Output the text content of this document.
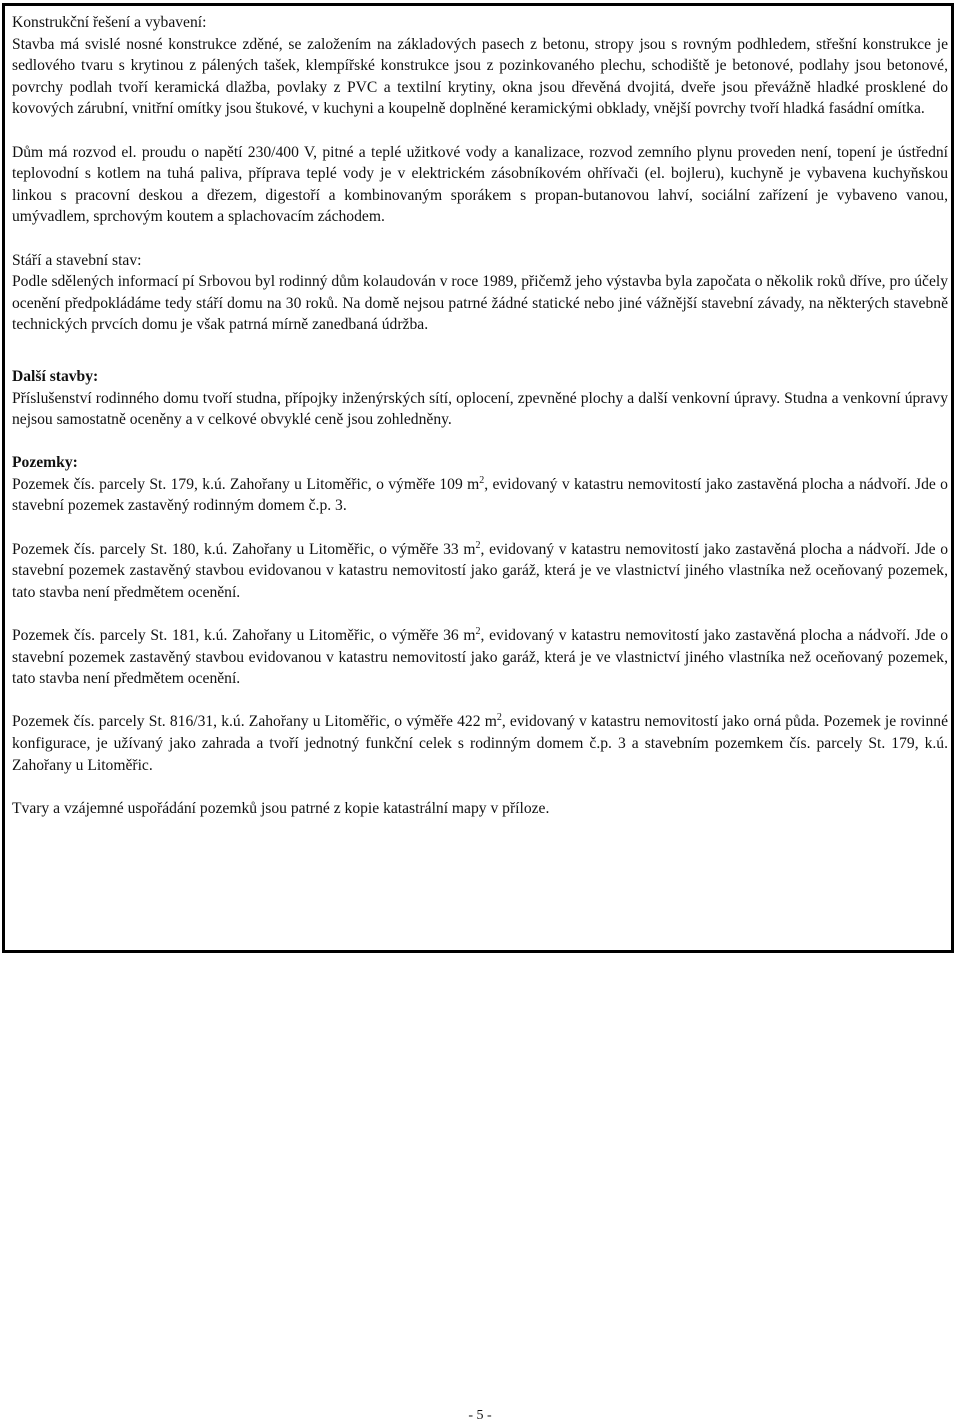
Konstrukční řešení a vybavení:

Stavba má svislé nosné konstrukce zděné, se založením na základových pasech z betonu, stropy jsou s rovným podhledem, střešní konstrukce je sedlového tvaru s krytinou z pálených tašek, klempířské konstrukce jsou z pozinkovaného plechu, schodiště je betonové, podlahy jsou betonové, povrchy podlah tvoří keramická dlažba, povlaky z PVC a textilní krytiny, okna jsou dřevěná dvojitá, dveře jsou převážně hladké prosklené do kovových zárubní, vnitřní omítky jsou štukové, v kuchyni a koupelně doplněné keramickými obklady, vnější povrchy tvoří hladká fasádní omítka.

Dům má rozvod el. proudu o napětí 230/400 V, pitné a teplé užitkové vody a kanalizace, rozvod zemního plynu proveden není, topení je ústřední teplovodní s kotlem na tuhá paliva, příprava teplé vody je v elektrickém zásobníkovém ohřívači (el. bojleru), kuchyně je vybavena kuchyňskou linkou s pracovní deskou a dřezem, digestoří a kombinovaným sporákem s propan-butanovou lahví, sociální zařízení je vybaveno vanou, umývadlem, sprchovým koutem a splachovacím záchodem.

Stáří a stavební stav:

Podle sdělených informací pí Srbovou byl rodinný dům kolaudován v roce 1989, přičemž jeho výstavba byla započata o několik roků dříve, pro účely ocenění předpokládáme tedy stáří domu na 30 roků. Na domě nejsou patrné žádné statické nebo jiné vážnější stavební závady, na některých stavebně technických prvcích domu je však patrná mírně zanedbaná údržba.

Další stavby:

Příslušenství rodinného domu tvoří studna, přípojky inženýrských sítí, oplocení, zpevněné plochy a další venkovní úpravy. Studna a venkovní úpravy nejsou samostatně oceněny a v celkové obvyklé ceně jsou zohledněny.

Pozemky:

Pozemek čís. parcely St. 179, k.ú. Zahořany u Litoměřic, o výměře 109 $m^2$, evidovaný v katastru nemovitostí jako zastavěná plocha a nádvoří. Jde o stavební pozemek zastavěný rodinným domem č.p. 3.

Pozemek čís. parcely St. 180, k.ú. Zahořany u Litoměřic, o výměře 33 $m^2$, evidovaný v katastru nemovitostí jako zastavěná plocha a nádvoří. Jde o stavební pozemek zastavěný stavbou evidovanou v katastru nemovitostí jako garáž, která je ve vlastnictví jiného vlastníka než oceňovaný pozemek, tato stavba není předmětem ocenění.

Pozemek čís. parcely St. 181, k.ú. Zahořany u Litoměřic, o výměře 36 $m^2$, evidovaný v katastru nemovitostí jako zastavěná plocha a nádvoří. Jde o stavební pozemek zastavěný stavbou evidovanou v katastru nemovitostí jako garáž, která je ve vlastnictví jiného vlastníka než oceňovaný pozemek, tato stavba není předmětem ocenění.

Pozemek čís. parcely St. 816/31, k.ú. Zahořany u Litoměřic, o výměře 422 $m^2$, evidovaný v katastru nemovitostí jako orná půda. Pozemek je rovinné konfigurace, je užívaný jako zahrada a tvoří jednotný funkční celek s rodinným domem č.p. 3 a stavebním pozemkem čís. parcely St. 179, k.ú. Zahořany u Litoměřic.

Tvary a vzájemné uspořádání pozemků jsou patrné z kopie katastrální mapy v příloze.

- 5 -
